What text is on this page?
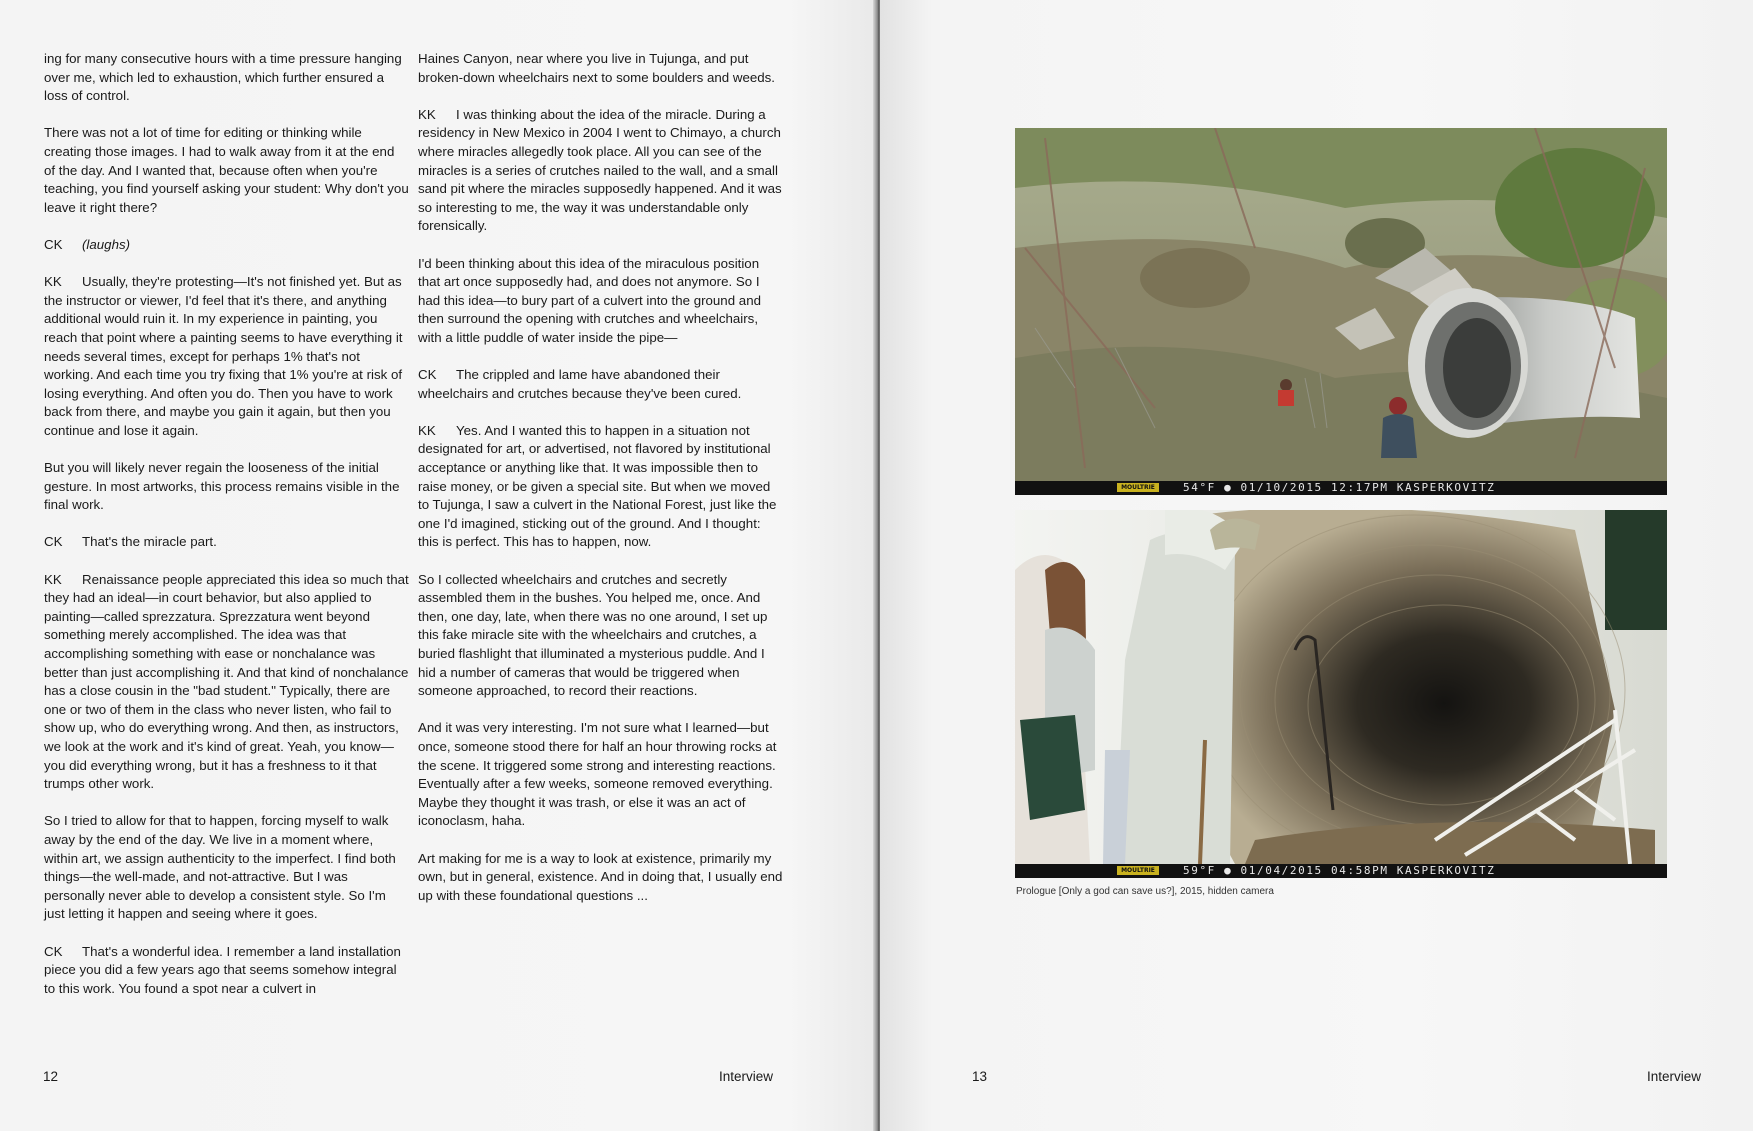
ing for many consecutive hours with a time pressure hanging over me, which led to exhaustion, which further ensured a loss of control.

There was not a lot of time for editing or thinking while creating those images. I had to walk away from it at the end of the day. And I wanted that, because often when you're teaching, you find yourself asking your student: Why don't you leave it right there?

CK (laughs)

KK Usually, they're protesting—It's not finished yet. But as the instructor or viewer, I'd feel that it's there, and anything additional would ruin it. In my experience in painting, you reach that point where a painting seems to have everything it needs several times, except for perhaps 1% that's not working. And each time you try fixing that 1% you're at risk of losing everything. And often you do. Then you have to work back from there, and maybe you gain it again, but then you continue and lose it again.

But you will likely never regain the looseness of the initial gesture. In most artworks, this process remains visible in the final work.

CK That's the miracle part.

KK Renaissance people appreciated this idea so much that they had an ideal—in court behavior, but also applied to painting—called sprezzatura. Sprezzatura went beyond something merely accomplished. The idea was that accomplishing something with ease or nonchalance was better than just accomplishing it. And that kind of nonchalance has a close cousin in the "bad student." Typically, there are one or two of them in the class who never listen, who fail to show up, who do everything wrong. And then, as instructors, we look at the work and it's kind of great. Yeah, you know—you did everything wrong, but it has a freshness to it that trumps other work.

So I tried to allow for that to happen, forcing myself to walk away by the end of the day. We live in a moment where, within art, we assign authenticity to the imperfect. I find both things—the well-made, and not-attractive. But I was personally never able to develop a consistent style. So I'm just letting it happen and seeing where it goes.

CK That's a wonderful idea. I remember a land installation piece you did a few years ago that seems somehow integral to this work. You found a spot near a culvert in

Haines Canyon, near where you live in Tujunga, and put broken-down wheelchairs next to some boulders and weeds.

KK I was thinking about the idea of the miracle. During a residency in New Mexico in 2004 I went to Chimayo, a church where miracles allegedly took place. All you can see of the miracles is a series of crutches nailed to the wall, and a small sand pit where the miracles supposedly happened. And it was so interesting to me, the way it was understandable only forensically.

I'd been thinking about this idea of the miraculous position that art once supposedly had, and does not anymore. So I had this idea—to bury part of a culvert into the ground and then surround the opening with crutches and wheelchairs, with a little puddle of water inside the pipe—

CK The crippled and lame have abandoned their wheelchairs and crutches because they've been cured.

KK Yes. And I wanted this to happen in a situation not designated for art, or advertised, not flavored by institutional acceptance or anything like that. It was impossible then to raise money, or be given a special site. But when we moved to Tujunga, I saw a culvert in the National Forest, just like the one I'd imagined, sticking out of the ground. And I thought: this is perfect. This has to happen, now.

So I collected wheelchairs and crutches and secretly assembled them in the bushes. You helped me, once. And then, one day, late, when there was no one around, I set up this fake miracle site with the wheelchairs and crutches, a buried flashlight that illuminated a mysterious puddle. And I hid a number of cameras that would be triggered when someone approached, to record their reactions.

And it was very interesting. I'm not sure what I learned—but once, someone stood there for half an hour throwing rocks at the scene. It triggered some strong and interesting reactions. Eventually after a few weeks, someone removed everything. Maybe they thought it was trash, or else it was an act of iconoclasm, haha.

Art making for me is a way to look at existence, primarily my own, but in general, existence. And in doing that, I usually end up with these foundational questions ...

12	Interview	13	Interview
MOULTRIE	54°F ● 01/10/2015 12:17PM KASPERKOVITZ
MOULTRIE	59°F ● 01/04/2015 04:58PM KASPERKOVITZ
Prologue [Only a god can save us?], 2015, hidden camera
